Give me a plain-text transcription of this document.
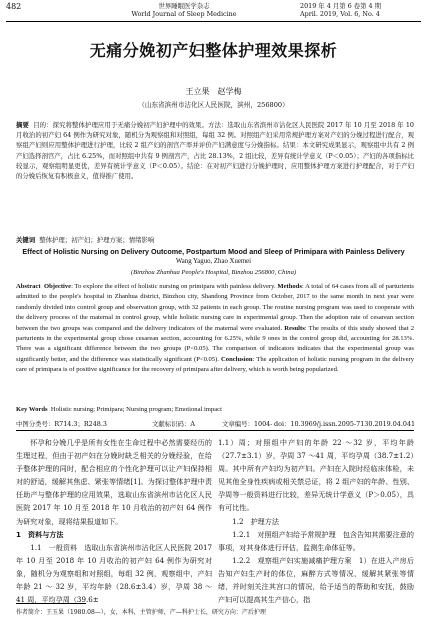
482	世界睡眠医学杂志
World Journal of Sleep Medicine
2019 年 4 月第 6 卷第 4 期
April. 2019, Vol. 6, No. 4
无痛分娩初产妇整体护理效果探析
王立果　赵学梅
（山东省滨州市沾化区人民医院，滨州，256800）
摘要 目的：探究将整体护理应用于无痛分娩初产妇护理中的效果。方法：选取山东省滨州市沾化区人民医院 2017 年 10 月至 2018 年 10 月收治的初产妇 64 例作为研究对象，随机分为观察组和对照组，每组 32 例。对照组产妇采用常规护理方案对产妇的分娩过程进行配合，观察组产妇则应用整体护理进行护理，比较 2 组产妇的剖宫产率并评价产妇满意度与分娩指标。结果：本文研究成果显示，观察组中共有 2 例产妇选择剖宫产，占比 6.25%，而对照组中共有 9 例剖宫产，占比 28.13%，2 组比较，差异有统计学意义（P＜0.05）；产妇的各项指标比较显示，观察组明显更优，差异有统计学意义（P＜0.05）。结论：在对初产妇进行分娩护理时，应用整体护理方案进行护理配合，对于产妇的分娩后恢复有积极意义，值得推广使用。
关键词 整体护理；初产妇；护理方案；情绪影响
Effect of Holistic Nursing on Delivery Outcome, Postpartum Mood and Sleep of Primipara with Painless Delivery
Wang Yaguo, Zhao Xuemei
(Binzhou Zhanhua People's Hospital, Binzhou 256800, China)
Abstract Objective: To explore the effect of holistic nursing on primipara with painless delivery. Methods: A total of 64 cases from all of parturients admitted to the people's hospital in Zhanhua district, Binzhou city, Shandong Province from October, 2017 to the same month in next year were randomly divided into control group and observation group, with 32 patients in each group. The routine nursing program was used to cooperate with the delivery process of the maternal in control group, while holistic nursing care in experimental group. Then the adoption rate of cesarean section between the two groups was compared and the delivery indicators of the maternal were evaluated. Results: The results of this study showed that 2 parturients in the experimental group chose cesarean section, accounting for 6.25%, while 9 ones in the control group did, accounting for 28.13%. There was a significant difference between the two groups (P<0.05). The comparison of indicators indicates that the experimental group was significantly better, and the difference was statistically significant (P<0.05). Conclusion: The application of holistic nursing program in the delivery care of primipara is of positive significance for the recovery of primipara after delivery, which is worth being popularized.
Key Words Holistic nursing; Primipara; Nursing program; Emotional impact
中图分类号：R714.3；R248.3	文献标识码：A	文章编号：1004- doi：10.3969/j.issn.2095-7130.2019.04.041

怀孕和分娩几乎是所有女性在生命过程中必然需要经历的生理过程，但由于初产妇在分娩时缺乏相关的分娩经验，在给予整体护理的同时，配合相应的个性化护理可以让产妇保持相对的舒适，缓解其焦虑、紧张等情绪[1]。为探讨整体护理中责任助产与整体护理的应用效果，选取山东省滨州市沾化区人民医院 2017 年 10 月至 2018 年 10 月收治的初产妇 64 例作为研究对象，现将结果报道如下。

1　资料与方法

1.1　一般资料　选取山东省滨州市沾化区人民医院 2017 年 10 月至 2018 年 10 月收治的初产妇 64 例作为研究对象，随机分为观察组和对照组，每组 32 例，观察组中，产妇年龄 21 ～ 32 岁，平均年龄（28.6±3.4）岁，孕周 38 ～41 周，平均孕周（39.6±

1.1）周；对照组中产妇的年龄 22 ～32 岁，平均年龄（27.7±3.1）岁，孕周 37 ～41 周，平均孕周（38.7±1.2）周。其中所有产妇均为初产妇。产妇在入院时经临床体检，未见其他全身性疾病或相关禁忌证，将 2 组产妇的年龄、性别、孕周等一般资料进行比较，差异无统计学意义（P＞0.05），具有可比性。

1.2　护理方法

1.2.1　对照组产妇给予常规护理　包含告知其需要注意的事项，对其身体进行评估，监测生命体征等。

1.2.2　观察组产妇实施减痛护理方案　1）在进入产房后告知产妇生产时的体位，麻醉方式等情况，缓解其紧张等情绪，并时刻关注其宫口的情况，给予适当的帮助和安抚，鼓励产妇可以提高其生产信心，指

作者简介：王玉果（1980.08—），女，本科，主管护师，产—科护士长，研究方向：产后护理
